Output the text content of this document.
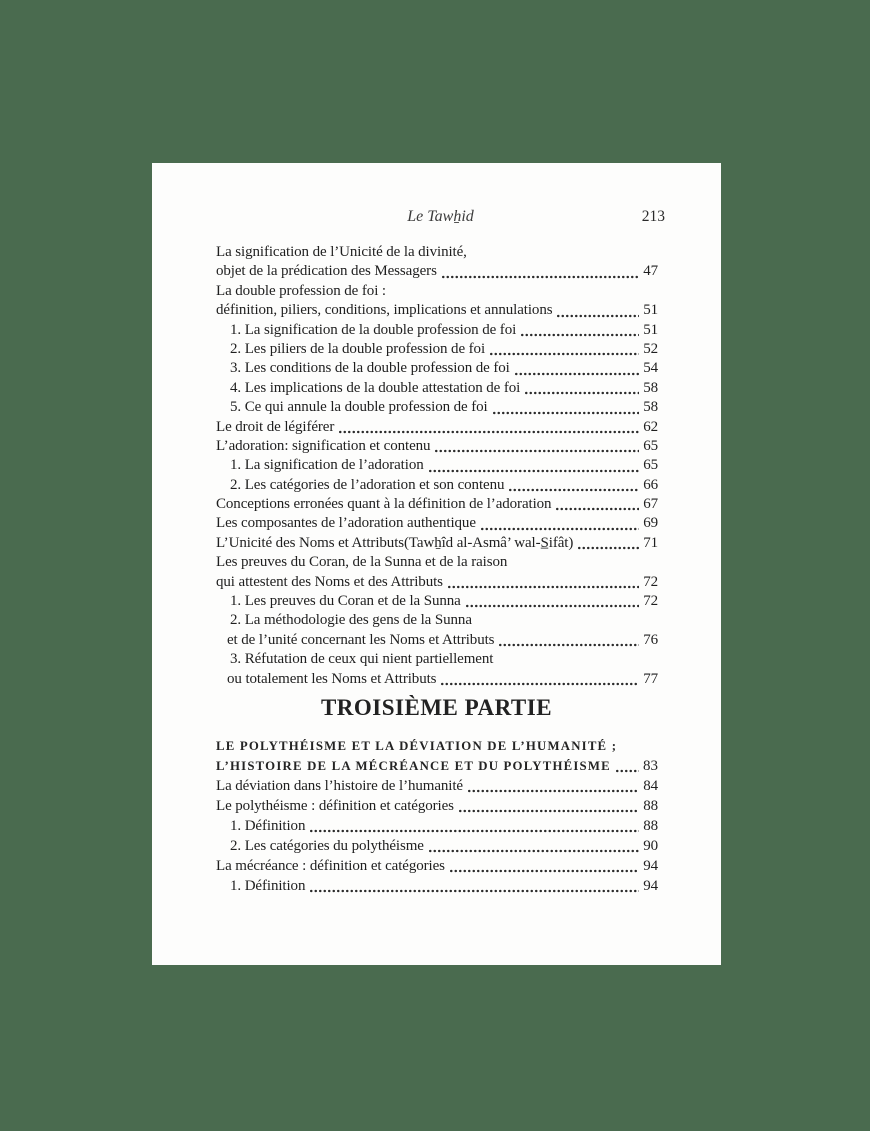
Le Tawẖid	213
La signification de l’Unicité de la divinité,
objet de la prédication des Messagers	47
La double profession de foi :
définition, piliers, conditions, implications et annulations	51
1. La signification de la double profession de foi	51
2. Les piliers de la double profession de foi	52
3. Les conditions de la double profession de foi	54
4. Les implications de la double attestation de foi	58
5. Ce qui annule la double profession de foi	58
Le droit de légiférer	62
L’adoration: signification et contenu	65
1. La signification de l’adoration	65
2. Les catégories de l’adoration et son contenu	66
Conceptions erronées quant à la définition de l’adoration	67
Les composantes de l’adoration authentique	69
L’Unicité des Noms et Attributs(Tawẖîd al-Asmâ’ wal-S̲ifât)	71
Les preuves du Coran, de la Sunna et de la raison
qui attestent des Noms et des Attributs	72
1. Les preuves du Coran et de la Sunna	72
2. La méthodologie des gens de la Sunna
et de l’unité concernant les Noms et Attributs	76
3. Réfutation de ceux qui nient partiellement
ou totalement les Noms et Attributs	77
TROISIÈME PARTIE
LE POLYTHÉISME ET LA DÉVIATION DE L’HUMANITÉ ;
L’HISTOIRE DE LA MÉCRÉANCE ET DU POLYTHÉISME 83
La déviation dans l’histoire de l’humanité	84
Le polythéisme : définition et catégories	88
1. Définition	88
2. Les catégories du polythéisme	90
La mécréance : définition et catégories	94
1. Définition	94
